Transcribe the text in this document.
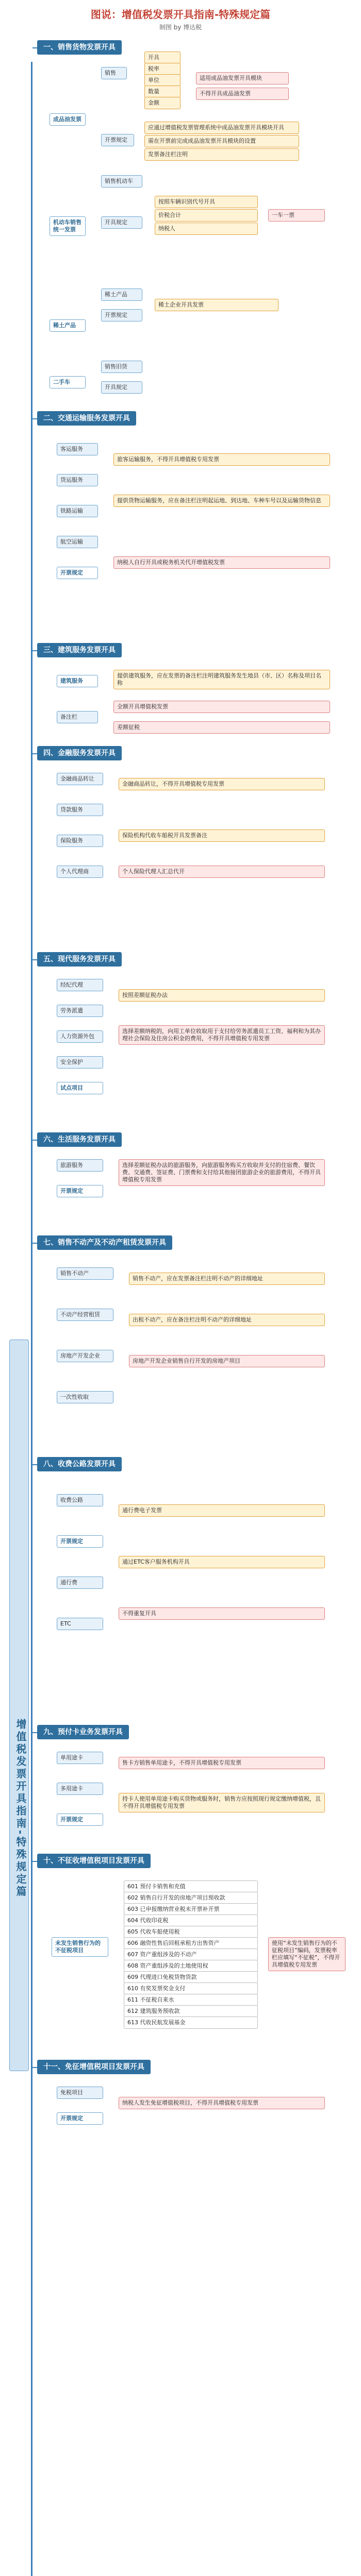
图说：增值税发票开具指南-特殊规定篇
制图 by 博达税
增值税发票开具指南-特殊规定篇
一、销售货物发票开具
成品油发票
销售
开具
税率
单位
数量
金额
适用成品油发票开具模块
不得开具成品油发票
开票规定
应通过增值税发票管理系统中成品油发票开具模块开具
需在开票前完成成品油发票开具模块的设置
发票备注栏注明
机动车销售统一发票
销售机动车
开具规定
按照车辆识别代号开具
价税合计
纳税人
一车一票
稀土产品
稀土产品
开票规定
稀土企业开具发票
二手车
销售旧货
开具规定
二、交通运输服务发票开具
客运服务
货运服务
铁路运输
航空运输
开票规定
旅客运输服务，不得开具增值税专用发票
提供货物运输服务，应在备注栏注明起运地、到达地、车种车号以及运输货物信息
纳税人自行开具或税务机关代开增值税发票
三、建筑服务发票开具
建筑服务
备注栏
提供建筑服务，应在发票的备注栏注明建筑服务发生地县（市、区）名称及项目名称
全额开具增值税发票
差额征税
四、金融服务发票开具
金融商品转让
贷款服务
保险服务
个人代理商
金融商品转让，不得开具增值税专用发票
保险机构代收车船税开具发票备注
个人保险代理人汇总代开
五、现代服务发票开具
经纪代理
劳务派遣
人力资源外包
安全保护
试点项目
按照差额征税办法
选择差额纳税的，向用工单位收取用于支付给劳务派遣员工工资、福利和为其办理社会保险及住房公积金的费用，不得开具增值税专用发票
六、生活服务发票开具
旅游服务
开票规定
选择差额征税办法的旅游服务，向旅游服务购买方收取并支付的住宿费、餐饮费、交通费、签证费、门票费和支付给其他接团旅游企业的旅游费用，不得开具增值税专用发票
七、销售不动产及不动产租赁发票开具
销售不动产
不动产经营租赁
房地产开发企业
一次性收取
销售不动产，应在发票备注栏注明不动产的详细地址
出租不动产，应在备注栏注明不动产的详细地址
房地产开发企业销售自行开发的房地产项目
八、收费公路发票开具
收费公路
开票规定
通行费
ETC
通行费电子发票
通过ETC客户服务机构开具
不得重复开具
九、预付卡业务发票开具
单用途卡
多用途卡
开票规定
售卡方销售单用途卡，不得开具增值税专用发票
持卡人使用单用途卡购买货物或服务时，销售方应按照现行规定缴纳增值税，且不得开具增值税专用发票
十、不征收增值税项目发票开具
未发生销售行为的不征税项目
601 预付卡销售和充值
602 销售自行开发的房地产项目预收款
603 已申报缴纳营业税未开票补开票
604 代收印花税
605 代收车船使用税
606 融资性售后回租承租方出售资产
607 资产重组涉及的不动产
608 资产重组涉及的土地使用权
609 代理进口免税货物货款
610 有奖发票奖金支付
611 不征税自来水
612 建筑服务预收款
613 代收民航发展基金
使用“未发生销售行为的不征税项目”编码，发票税率栏应填写“不征税”，不得开具增值税专用发票
十一、免征增值税项目发票开具
免税项目
开票规定
纳税人发生免征增值税项目，不得开具增值税专用发票
